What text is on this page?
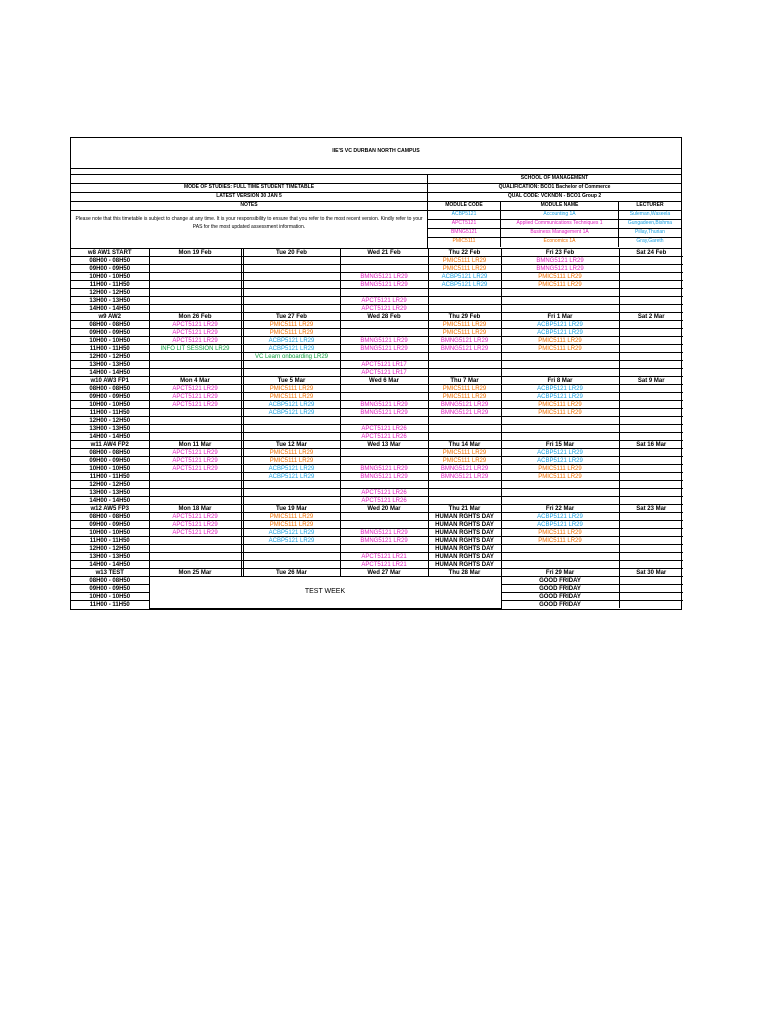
IIE'S VC DURBAN NORTH CAMPUS
SCHOOL OF MANAGEMENT
MODE OF STUDIES: FULL TIME STUDENT TIMETABLE	QUALIFICATION: BCO1 Bachelor of Commerce
LATEST VERSION 30 JAN 5	QUAL CODE: VCKNDN - BCO1 Group 2
NOTES	MODULE CODE	MODULE NAME	LECTURER
Please note that this timetable is subject to change at any time. It is your responsibility to ensure that you refer to the most recent version. Kindly refer to your PAS for the most updated assessment information.
ACBP5121	Accounting 1A	Suleman,Waseela
APCT5121	Applied Communications Techniques 1	Gungadeen,Bishma
BMNG5121	Business Management 1A	Pillay,Thurian
PMIC5111	Economics 1A	Gray,Gareth
w8 AW1 START	Mon 19 Feb		Tue 20 Feb	Wed 21 Feb	Thu 22 Feb	Fri 23 Feb	Sat 24 Feb
08H00 - 08H50					PMIC5111 LR29	BMNG5121 LR29	
09H00 - 09H50					PMIC5111 LR29	BMNG5121 LR29	
10H00 - 10H50				BMNG5121 LR29	ACBP5121 LR29	PMIC5111 LR29	
11H00 - 11H50				BMNG5121 LR29	ACBP5121 LR29	PMIC5111 LR29	
12H00 - 12H50							
13H00 - 13H50				APCT5121 LR29			
14H00 - 14H50				APCT5121 LR29			
w9 AW2	Mon 26 Feb		Tue 27 Feb	Wed 28 Feb	Thu 29 Feb	Fri 1 Mar	Sat 2 Mar
08H00 - 08H50	APCT5121 LR29		PMIC5111 LR29		PMIC5111 LR29	ACBP5121 LR29	
09H00 - 09H50	APCT5121 LR29		PMIC5111 LR29		PMIC5111 LR29	ACBP5121 LR29	
10H00 - 10H50	APCT5121 LR29		ACBP5121 LR29	BMNG5121 LR29	BMNG5121 LR29	PMIC5111 LR29	
11H00 - 11H50	INFO LIT SESSION LR29		ACBP5121 LR29	BMNG5121 LR29	BMNG5121 LR29	PMIC5111 LR29	
12H00 - 12H50			VC Learn onboarding LR29				
13H00 - 13H50				APCT5121 LR17			
14H00 - 14H50				APCT5121 LR17			
w10 AW3 FP1	Mon 4 Mar		Tue 5 Mar	Wed 6 Mar	Thu 7 Mar	Fri 8 Mar	Sat 9 Mar
08H00 - 08H50	APCT5121 LR29		PMIC5111 LR29		PMIC5111 LR29	ACBP5121 LR29	
09H00 - 09H50	APCT5121 LR29		PMIC5111 LR29		PMIC5111 LR29	ACBP5121 LR29	
10H00 - 10H50	APCT5121 LR29		ACBP5121 LR29	BMNG5121 LR29	BMNG5121 LR29	PMIC5111 LR29	
11H00 - 11H50			ACBP5121 LR29	BMNG5121 LR29	BMNG5121 LR29	PMIC5111 LR29	
12H00 - 12H50							
13H00 - 13H50				APCT5121 LR26			
14H00 - 14H50				APCT5121 LR26			
w11 AW4 FP2	Mon 11 Mar		Tue 12 Mar	Wed 13 Mar	Thu 14 Mar	Fri 15 Mar	Sat 16 Mar
08H00 - 08H50	APCT5121 LR29		PMIC5111 LR29		PMIC5111 LR29	ACBP5121 LR29	
09H00 - 09H50	APCT5121 LR29		PMIC5111 LR29		PMIC5111 LR29	ACBP5121 LR29	
10H00 - 10H50	APCT5121 LR29		ACBP5121 LR29	BMNG5121 LR29	BMNG5121 LR29	PMIC5111 LR29	
11H00 - 11H50			ACBP5121 LR29	BMNG5121 LR29	BMNG5121 LR29	PMIC5111 LR29	
12H00 - 12H50							
13H00 - 13H50				APCT5121 LR26			
14H00 - 14H50				APCT5121 LR26			
w12 AW5 FP3	Mon 18 Mar		Tue 19 Mar	Wed 20 Mar	Thu 21 Mar	Fri 22 Mar	Sat 23 Mar
08H00 - 08H50	APCT5121 LR29		PMIC5111 LR29		HUMAN RGHTS DAY	ACBP5121 LR29	
09H00 - 09H50	APCT5121 LR29		PMIC5111 LR29		HUMAN RGHTS DAY	ACBP5121 LR29	
10H00 - 10H50	APCT5121 LR29		ACBP5121 LR29	BMNG5121 LR29	HUMAN RGHTS DAY	PMIC5111 LR29	
11H00 - 11H50			ACBP5121 LR29	BMNG5121 LR29	HUMAN RGHTS DAY	PMIC5111 LR29	
12H00 - 12H50					HUMAN RGHTS DAY		
13H00 - 13H50				APCT5121 LR21	HUMAN RGHTS DAY		
14H00 - 14H50				APCT5121 LR21	HUMAN RGHTS DAY		
w13 TEST	Mon 25 Mar		Tue 26 Mar	Wed 27 Mar	Thu 28 Mar	Fri 29 Mar	Sat 30 Mar
08H00 - 08H50	TEST WEEK					GOOD FRIDAY	
09H00 - 09H50						GOOD FRIDAY	
10H00 - 10H50						GOOD FRIDAY	
11H00 - 11H50						GOOD FRIDAY	
